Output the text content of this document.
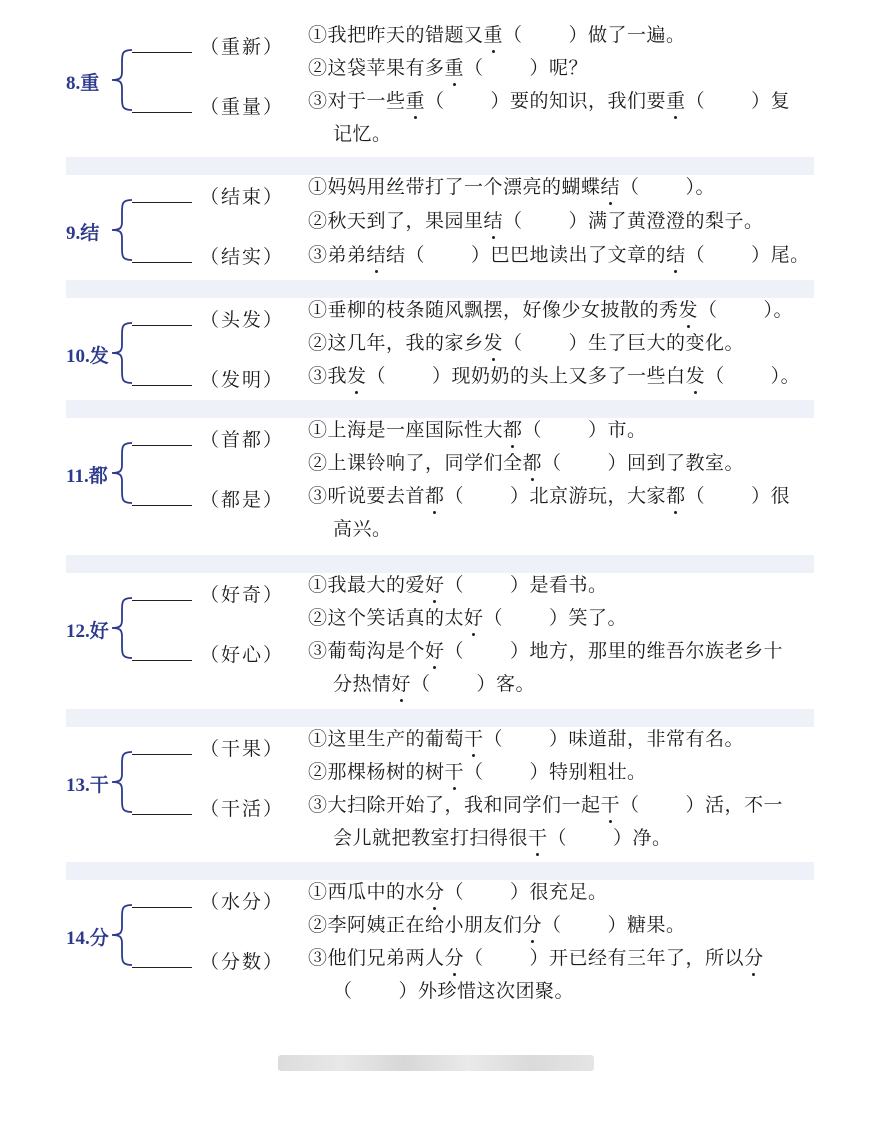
8.重
（重新）
（重量）
①我把昨天的错题又重（ ）做了一遍。
②这袋苹果有多重（ ）呢？
③对于一些重（ ）要的知识，我们要重（ ）复
记忆。
9.结
（结束）
（结实）
①妈妈用丝带打了一个漂亮的蝴蝶结（ ）。
②秋天到了，果园里结（ ）满了黄澄澄的梨子。
③弟弟结结（ ）巴巴地读出了文章的结（ ）尾。
10.发
（头发）
（发明）
①垂柳的枝条随风飘摆，好像少女披散的秀发（ ）。
②这几年，我的家乡发（ ）生了巨大的变化。
③我发（ ）现奶奶的头上又多了一些白发（ ）。
11.都
（首都）
（都是）
①上海是一座国际性大都（ ）市。
②上课铃响了，同学们全都（ ）回到了教室。
③听说要去首都（ ）北京游玩，大家都（ ）很
高兴。
12.好
（好奇）
（好心）
①我最大的爱好（ ）是看书。
②这个笑话真的太好（ ）笑了。
③葡萄沟是个好（ ）地方，那里的维吾尔族老乡十
分热情好（ ）客。
13.干
（干果）
（干活）
①这里生产的葡萄干（ ）味道甜，非常有名。
②那棵杨树的树干（ ）特别粗壮。
③大扫除开始了，我和同学们一起干（ ）活，不一
会儿就把教室打扫得很干（ ）净。
14.分
（水分）
（分数）
①西瓜中的水分（ ）很充足。
②李阿姨正在给小朋友们分（ ）糖果。
③他们兄弟两人分（ ）开已经有三年了，所以分
（ ）外珍惜这次团聚。
